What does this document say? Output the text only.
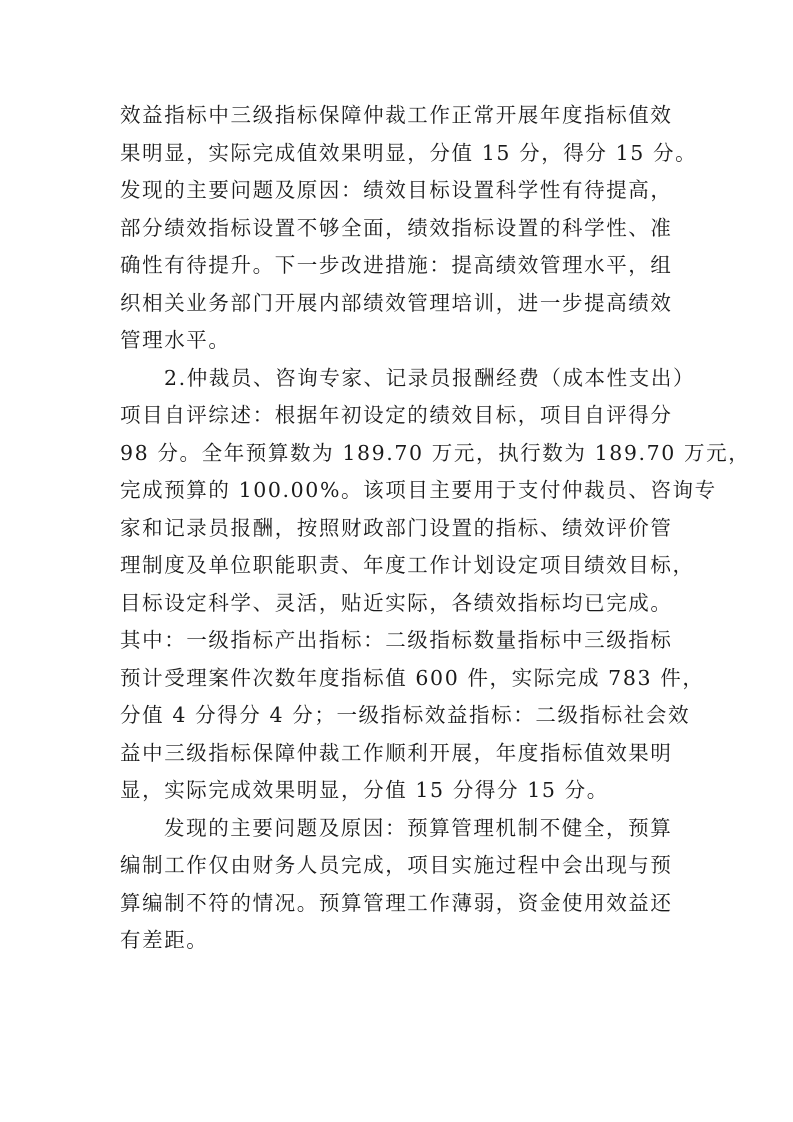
效益指标中三级指标保障仲裁工作正常开展年度指标值效
果明显，实际完成值效果明显，分值 15 分，得分 15 分。
发现的主要问题及原因：绩效目标设置科学性有待提高，
部分绩效指标设置不够全面，绩效指标设置的科学性、准
确性有待提升。下一步改进措施：提高绩效管理水平，组
织相关业务部门开展内部绩效管理培训，进一步提高绩效
管理水平。
2.仲裁员、咨询专家、记录员报酬经费（成本性支出）
项目自评综述：根据年初设定的绩效目标，项目自评得分
98 分。全年预算数为 189.70 万元，执行数为 189.70 万元，
完成预算的 100.00%。该项目主要用于支付仲裁员、咨询专
家和记录员报酬，按照财政部门设置的指标、绩效评价管
理制度及单位职能职责、年度工作计划设定项目绩效目标，
目标设定科学、灵活，贴近实际，各绩效指标均已完成。
其中：一级指标产出指标：二级指标数量指标中三级指标
预计受理案件次数年度指标值 600 件，实际完成 783 件，
分值 4 分得分 4 分；一级指标效益指标：二级指标社会效
益中三级指标保障仲裁工作顺利开展，年度指标值效果明
显，实际完成效果明显，分值 15 分得分 15 分。
发现的主要问题及原因：预算管理机制不健全，预算
编制工作仅由财务人员完成，项目实施过程中会出现与预
算编制不符的情况。预算管理工作薄弱，资金使用效益还
有差距。
